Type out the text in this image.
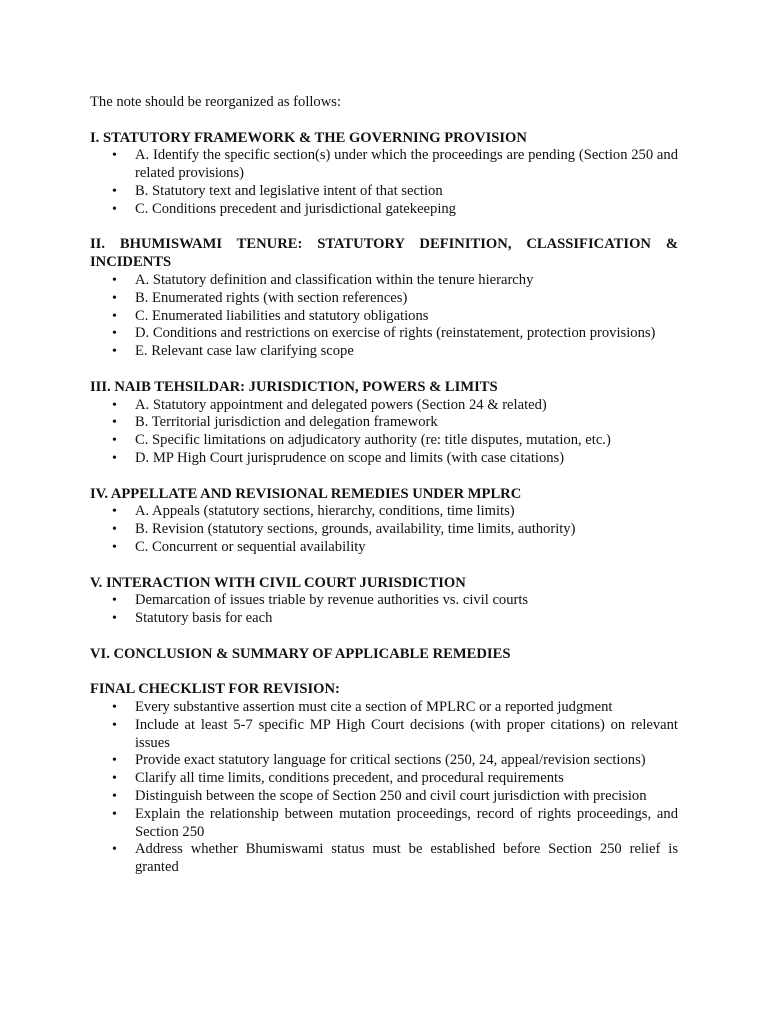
The note should be reorganized as follows:

I. STATUTORY FRAMEWORK & THE GOVERNING PROVISION

• A. Identify the specific section(s) under which the proceedings are pending (Section 250 and related provisions)
• B. Statutory text and legislative intent of that section
• C. Conditions precedent and jurisdictional gatekeeping

II. BHUMISWAMI TENURE: STATUTORY DEFINITION, CLASSIFICATION & INCIDENTS

• A. Statutory definition and classification within the tenure hierarchy
• B. Enumerated rights (with section references)
• C. Enumerated liabilities and statutory obligations
• D. Conditions and restrictions on exercise of rights (reinstatement, protection provisions)
• E. Relevant case law clarifying scope

III. NAIB TEHSILDAR: JURISDICTION, POWERS & LIMITS

• A. Statutory appointment and delegated powers (Section 24 & related)
• B. Territorial jurisdiction and delegation framework
• C. Specific limitations on adjudicatory authority (re: title disputes, mutation, etc.)
• D. MP High Court jurisprudence on scope and limits (with case citations)

IV. APPELLATE AND REVISIONAL REMEDIES UNDER MPLRC

• A. Appeals (statutory sections, hierarchy, conditions, time limits)
• B. Revision (statutory sections, grounds, availability, time limits, authority)
• C. Concurrent or sequential availability

V. INTERACTION WITH CIVIL COURT JURISDICTION

• Demarcation of issues triable by revenue authorities vs. civil courts
• Statutory basis for each

VI. CONCLUSION & SUMMARY OF APPLICABLE REMEDIES

FINAL CHECKLIST FOR REVISION:

• Every substantive assertion must cite a section of MPLRC or a reported judgment
• Include at least 5-7 specific MP High Court decisions (with proper citations) on relevant issues
• Provide exact statutory language for critical sections (250, 24, appeal/revision sections)
• Clarify all time limits, conditions precedent, and procedural requirements
• Distinguish between the scope of Section 250 and civil court jurisdiction with precision
• Explain the relationship between mutation proceedings, record of rights proceedings, and Section 250
• Address whether Bhumiswami status must be established before Section 250 relief is granted
